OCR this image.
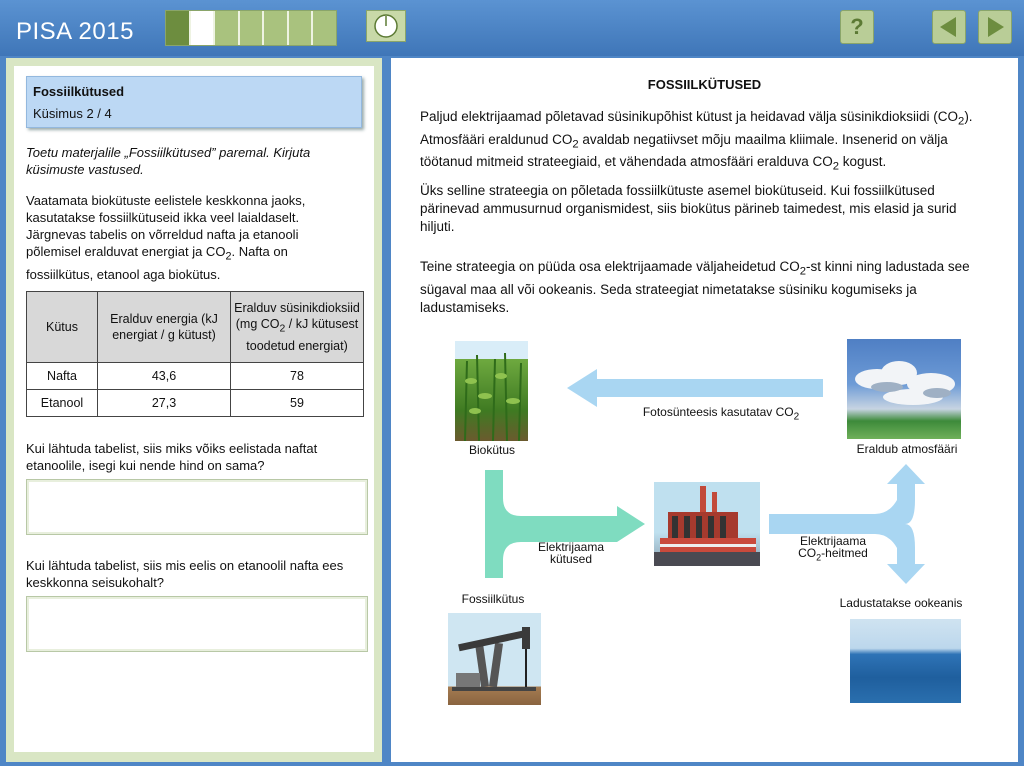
PISA 2015	?
Fossiilkütused
Küsimus 2 / 4
Toetu materjalile „Fossiilkütused” paremal. Kirjuta küsimuste vastused.
Vaatamata biokütuste eelistele keskkonna jaoks, kasutatakse fossiilkütuseid ikka veel laialdaselt. Järgnevas tabelis on võrreldud nafta ja etanooli põlemisel eralduvat energiat ja $CO_2$. Nafta on fossiilkütus, etanool aga biokütus.
Kütus	Eralduv energia (kJ energiat / g kütust)	Eralduv süsinikdioksiid (mg $CO_2$ / kJ kütusest toodetud energiat)
Nafta	43,6	78
Etanool	27,3	59
Kui lähtuda tabelist, siis miks võiks eelistada naftat etanoolile, isegi kui nende hind on sama?
Kui lähtuda tabelist, siis mis eelis on etanoolil nafta ees keskkonna seisukohalt?
FOSSIILKÜTUSED
Paljud elektrijaamad põletavad süsinikupõhist kütust ja heidavad välja süsinikdioksiidi $(CO_2)$. Atmosfääri eraldunud $CO_2$ avaldab negatiivset mõju maailma kliimale. Insenerid on välja töötanud mitmeid strateegiaid, et vähendada atmosfääri eralduva $CO_2$ kogust.
Üks selline strateegia on põletada fossiilkütuste asemel biokütuseid. Kui fossiilkütused pärinevad ammusurnud organismidest, siis biokütus pärineb taimedest, mis elasid ja surid hiljuti.
Teine strateegia on püüda osa elektrijaamade väljaheidetud $CO_2-st$ kinni ning ladustada see sügaval maa all või ookeanis. Seda strateegiat nimetatakse süsiniku kogumiseks ja ladustamiseks.
Biokütus	Eraldub atmosfääri
Fotosünteesis kasutatav $CO_2$
Elektrijaama
kütused
Elektrijaama
$CO_2$-heitmed
Fossiilkütus	Ladustatakse ookeanis
